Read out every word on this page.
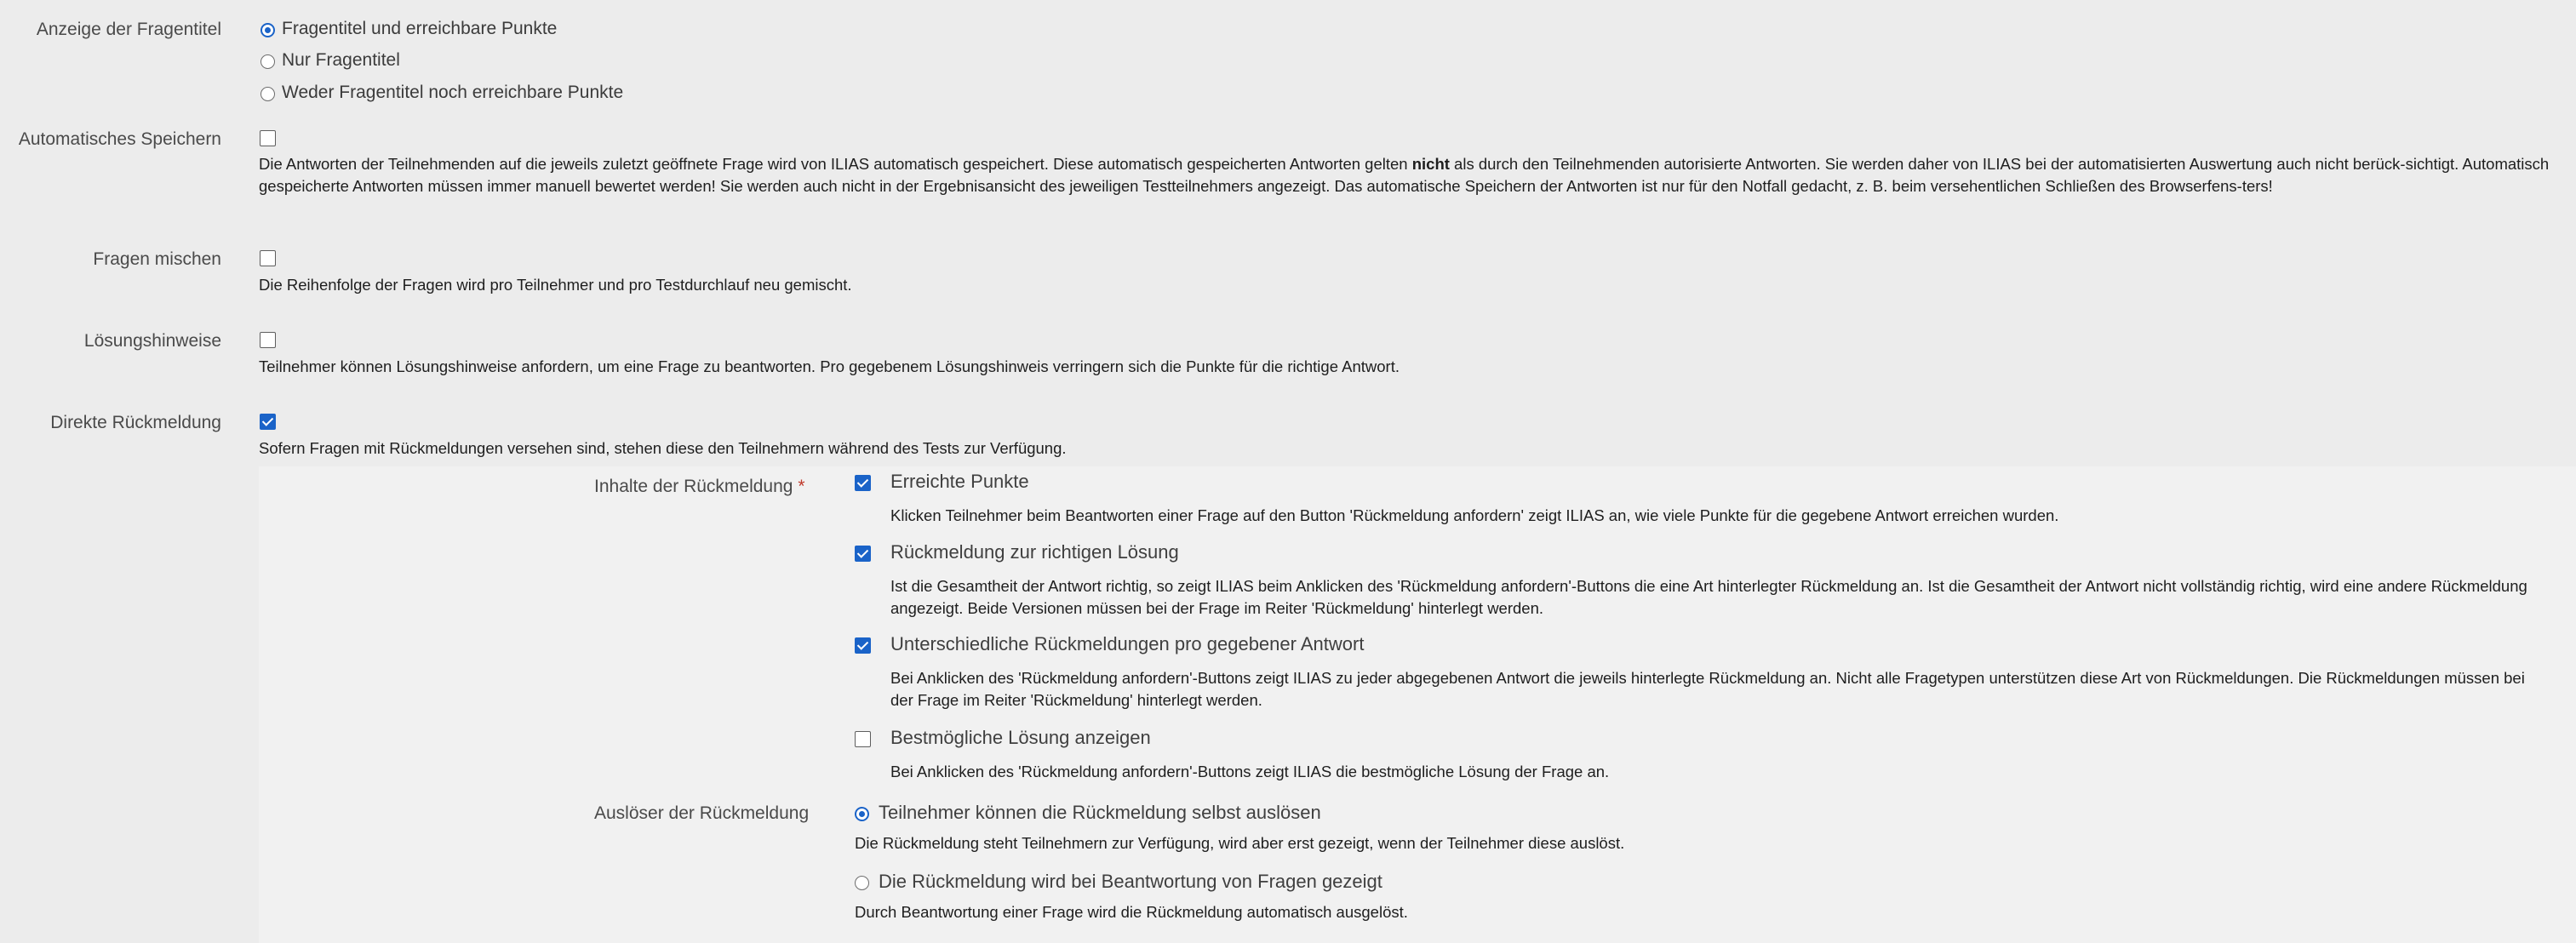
Anzeige der Fragentitel	Fragentitel und erreichbare Punkte
Nur Fragentitel
Weder Fragentitel noch erreichbare Punkte
Automatisches Speichern
Die Antworten der Teilnehmenden auf die jeweils zuletzt geöffnete Frage wird von ILIAS automatisch gespeichert. Diese automatisch gespeicherten Antworten gelten nicht als durch den Teilnehmenden autorisierte Antworten. Sie werden daher von ILIAS bei der automatisierten Auswertung auch nicht berück-sichtigt. Automatisch gespeicherte Antworten müssen immer manuell bewertet werden! Sie werden auch nicht in der Ergebnisansicht des jeweiligen Testteilnehmers angezeigt. Das automatische Speichern der Antworten ist nur für den Notfall gedacht, z. B. beim versehentlichen Schließen des Browserfens-ters!
Fragen mischen
Die Reihenfolge der Fragen wird pro Teilnehmer und pro Testdurchlauf neu gemischt.
Lösungshinweise
Teilnehmer können Lösungshinweise anfordern, um eine Frage zu beantworten. Pro gegebenem Lösungshinweis verringern sich die Punkte für die richtige Antwort.
Direkte Rückmeldung
Sofern Fragen mit Rückmeldungen versehen sind, stehen diese den Teilnehmern während des Tests zur Verfügung.
Inhalte der Rückmeldung *	Erreichte Punkte
Klicken Teilnehmer beim Beantworten einer Frage auf den Button 'Rückmeldung anfordern' zeigt ILIAS an, wie viele Punkte für die gegebene Antwort erreichen wurden.
Rückmeldung zur richtigen Lösung
Ist die Gesamtheit der Antwort richtig, so zeigt ILIAS beim Anklicken des 'Rückmeldung anfordern'-Buttons die eine Art hinterlegter Rückmeldung an. Ist die Gesamtheit der Antwort nicht vollständig richtig, wird eine andere Rückmeldung angezeigt. Beide Versionen müssen bei der Frage im Reiter 'Rückmeldung' hinterlegt werden.
Unterschiedliche Rückmeldungen pro gegebener Antwort
Bei Anklicken des 'Rückmeldung anfordern'-Buttons zeigt ILIAS zu jeder abgegebenen Antwort die jeweils hinterlegte Rückmeldung an. Nicht alle Fragetypen unterstützen diese Art von Rückmeldungen. Die Rückmeldungen müssen bei der Frage im Reiter 'Rückmeldung' hinterlegt werden.
Bestmögliche Lösung anzeigen
Bei Anklicken des 'Rückmeldung anfordern'-Buttons zeigt ILIAS die bestmögliche Lösung der Frage an.
Auslöser der Rückmeldung	Teilnehmer können die Rückmeldung selbst auslösen
Die Rückmeldung steht Teilnehmern zur Verfügung, wird aber erst gezeigt, wenn der Teilnehmer diese auslöst.
Die Rückmeldung wird bei Beantwortung von Fragen gezeigt
Durch Beantwortung einer Frage wird die Rückmeldung automatisch ausgelöst.
